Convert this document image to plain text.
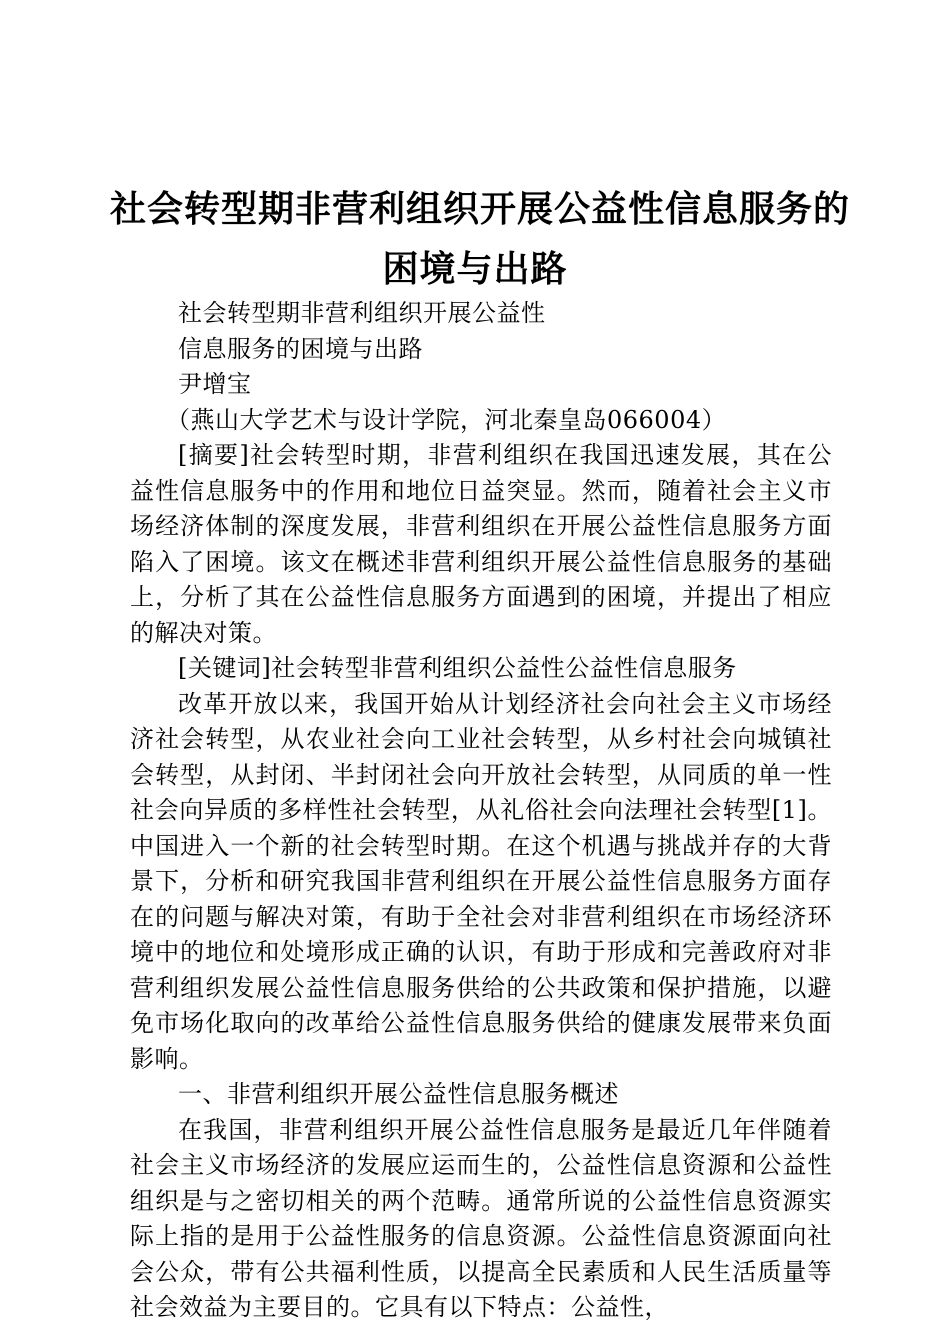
社会转型期非营利组织开展公益性信息服务的
困境与出路

社会转型期非营利组织开展公益性

信息服务的困境与出路

尹增宝

（燕山大学艺术与设计学院，河北秦皇岛066004）

[摘要]社会转型时期，非营利组织在我国迅速发展，其在公益性信息服务中的作用和地位日益突显。然而，随着社会主义市场经济体制的深度发展，非营利组织在开展公益性信息服务方面陷入了困境。该文在概述非营利组织开展公益性信息服务的基础上，分析了其在公益性信息服务方面遇到的困境，并提出了相应的解决对策。

[关键词]社会转型非营利组织公益性公益性信息服务

改革开放以来，我国开始从计划经济社会向社会主义市场经济社会转型，从农业社会向工业社会转型，从乡村社会向城镇社会转型，从封闭、半封闭社会向开放社会转型，从同质的单一性社会向异质的多样性社会转型，从礼俗社会向法理社会转型[1]。中国进入一个新的社会转型时期。在这个机遇与挑战并存的大背景下，分析和研究我国非营利组织在开展公益性信息服务方面存在的问题与解决对策，有助于全社会对非营利组织在市场经济环境中的地位和处境形成正确的认识，有助于形成和完善政府对非营利组织发展公益性信息服务供给的公共政策和保护措施，以避免市场化取向的改革给公益性信息服务供给的健康发展带来负面影响。

一、非营利组织开展公益性信息服务概述

在我国，非营利组织开展公益性信息服务是最近几年伴随着社会主义市场经济的发展应运而生的，公益性信息资源和公益性组织是与之密切相关的两个范畴。通常所说的公益性信息资源实际上指的是用于公益性服务的信息资源。公益性信息资源面向社会公众，带有公共福利性质，以提高全民素质和人民生活质量等社会效益为主要目的。它具有以下特点：公益性，
